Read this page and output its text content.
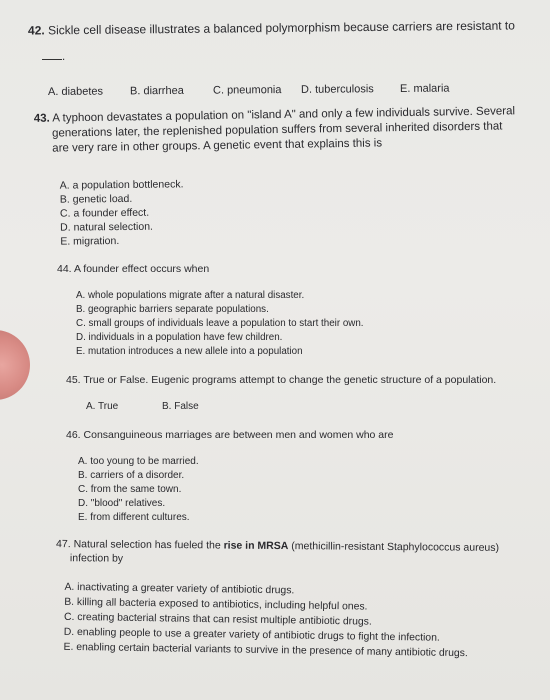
42. Sickle cell disease illustrates a balanced polymorphism because carriers are resistant to
.
A. diabetes B. diarrhea	C. pneumonia D. tuberculosis E. malaria
43. A typhoon devastates a population on "island A" and only a few individuals survive. Several
generations later, the replenished population suffers from several inherited disorders that
are very rare in other groups. A genetic event that explains this is
A. a population bottleneck.
B. genetic load.
C. a founder effect.
D. natural selection.
E. migration.
44. A founder effect occurs when
A. whole populations migrate after a natural disaster.
B. geographic barriers separate populations.
C. small groups of individuals leave a population to start their own.
D. individuals in a population have few children.
E. mutation introduces a new allele into a population
45. True or False. Eugenic programs attempt to change the genetic structure of a population.
A. True	B. False
46. Consanguineous marriages are between men and women who are
A. too young to be married.
B. carriers of a disorder.
C. from the same town.
D. "blood" relatives.
E. from different cultures.
47. Natural selection has fueled the rise in MRSA (methicillin-resistant Staphylococcus aureus)
infection by
A. inactivating a greater variety of antibiotic drugs.
B. killing all bacteria exposed to antibiotics, including helpful ones.
C. creating bacterial strains that can resist multiple antibiotic drugs.
D. enabling people to use a greater variety of antibiotic drugs to fight the infection.
E. enabling certain bacterial variants to survive in the presence of many antibiotic drugs.
